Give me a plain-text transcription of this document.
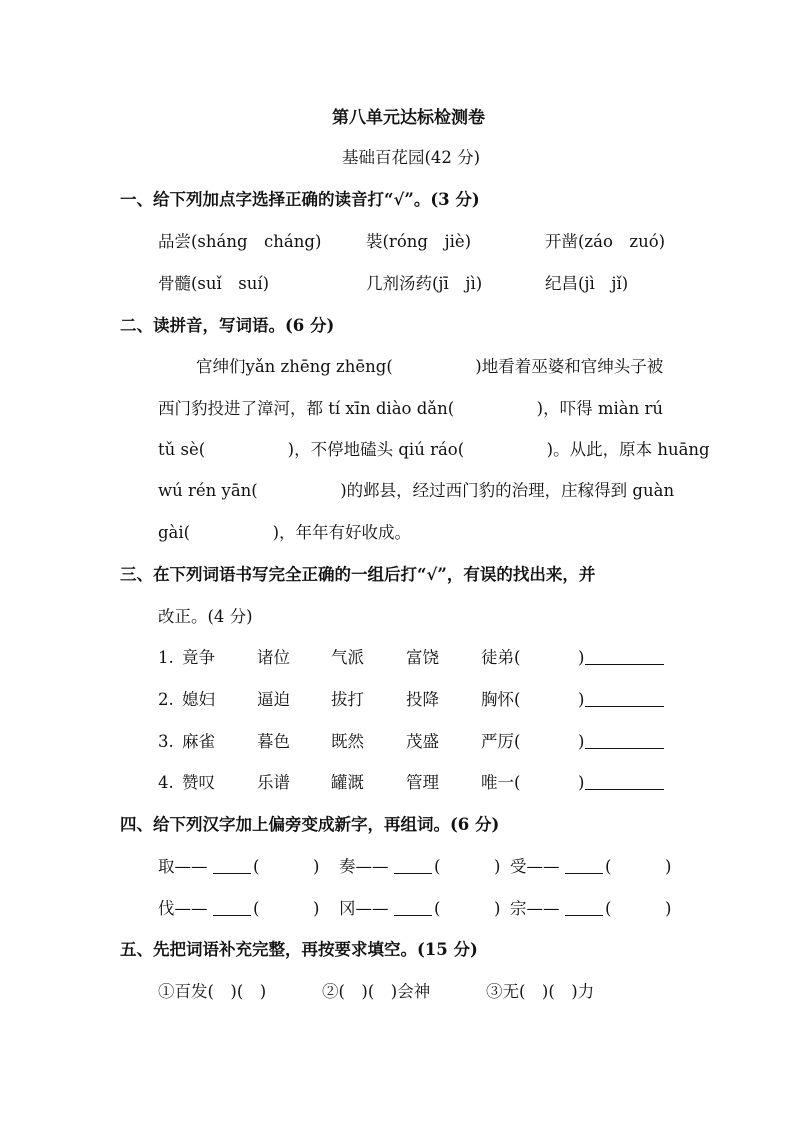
第八单元达标检测卷
基础百花园(42 分)
一、给下列加点字选择正确的读音打“√”。(3 分)
品尝(sháng　cháng)	裝(róng　jiè)	开凿(záo　zuó)
骨髓(suǐ　suí)	几剂汤药(jī　jì)	纪昌(jì　jǐ)
二、读拼音，写词语。(6 分)
官绅们yǎn zhēng zhēng(　　　　　)地看着巫婆和官绅头子被
西门豹投进了漳河，都 tí xīn diào dǎn(　　　　　)，吓得 miàn rú
tǔ sè(　　　　　)，不停地磕头 qiú ráo(　　　　　)。从此，原本 huāng
wú rén yān(　　　　　)的邺县，经过西门豹的治理，庄稼得到 guàn
gài(　　　　　)，年年有好收成。
三、在下列词语书写完全正确的一组后打“√”，有误的找出来，并
改正。(4 分)
1. 竟争	诸位 气派	富饶	徒弟(	)
2. 媳妇	逼迫 拔打	投降	胸怀(	)
3. 麻雀	暮色 既然	茂盛	严厉(	)
4. 赞叹	乐谱 罐溉	管理	唯一(	)
四、给下列汉字加上偏旁变成新字，再组词。(6 分)
取——	(	) 奏——	(	) 受——	(	)
伐——	(	) 冈——	(	) 宗——	(	)
五、先把词语补充完整，再按要求填空。(15 分)
①百发(　)(　)	②(　)(　)会神	③无(　)(　)力
